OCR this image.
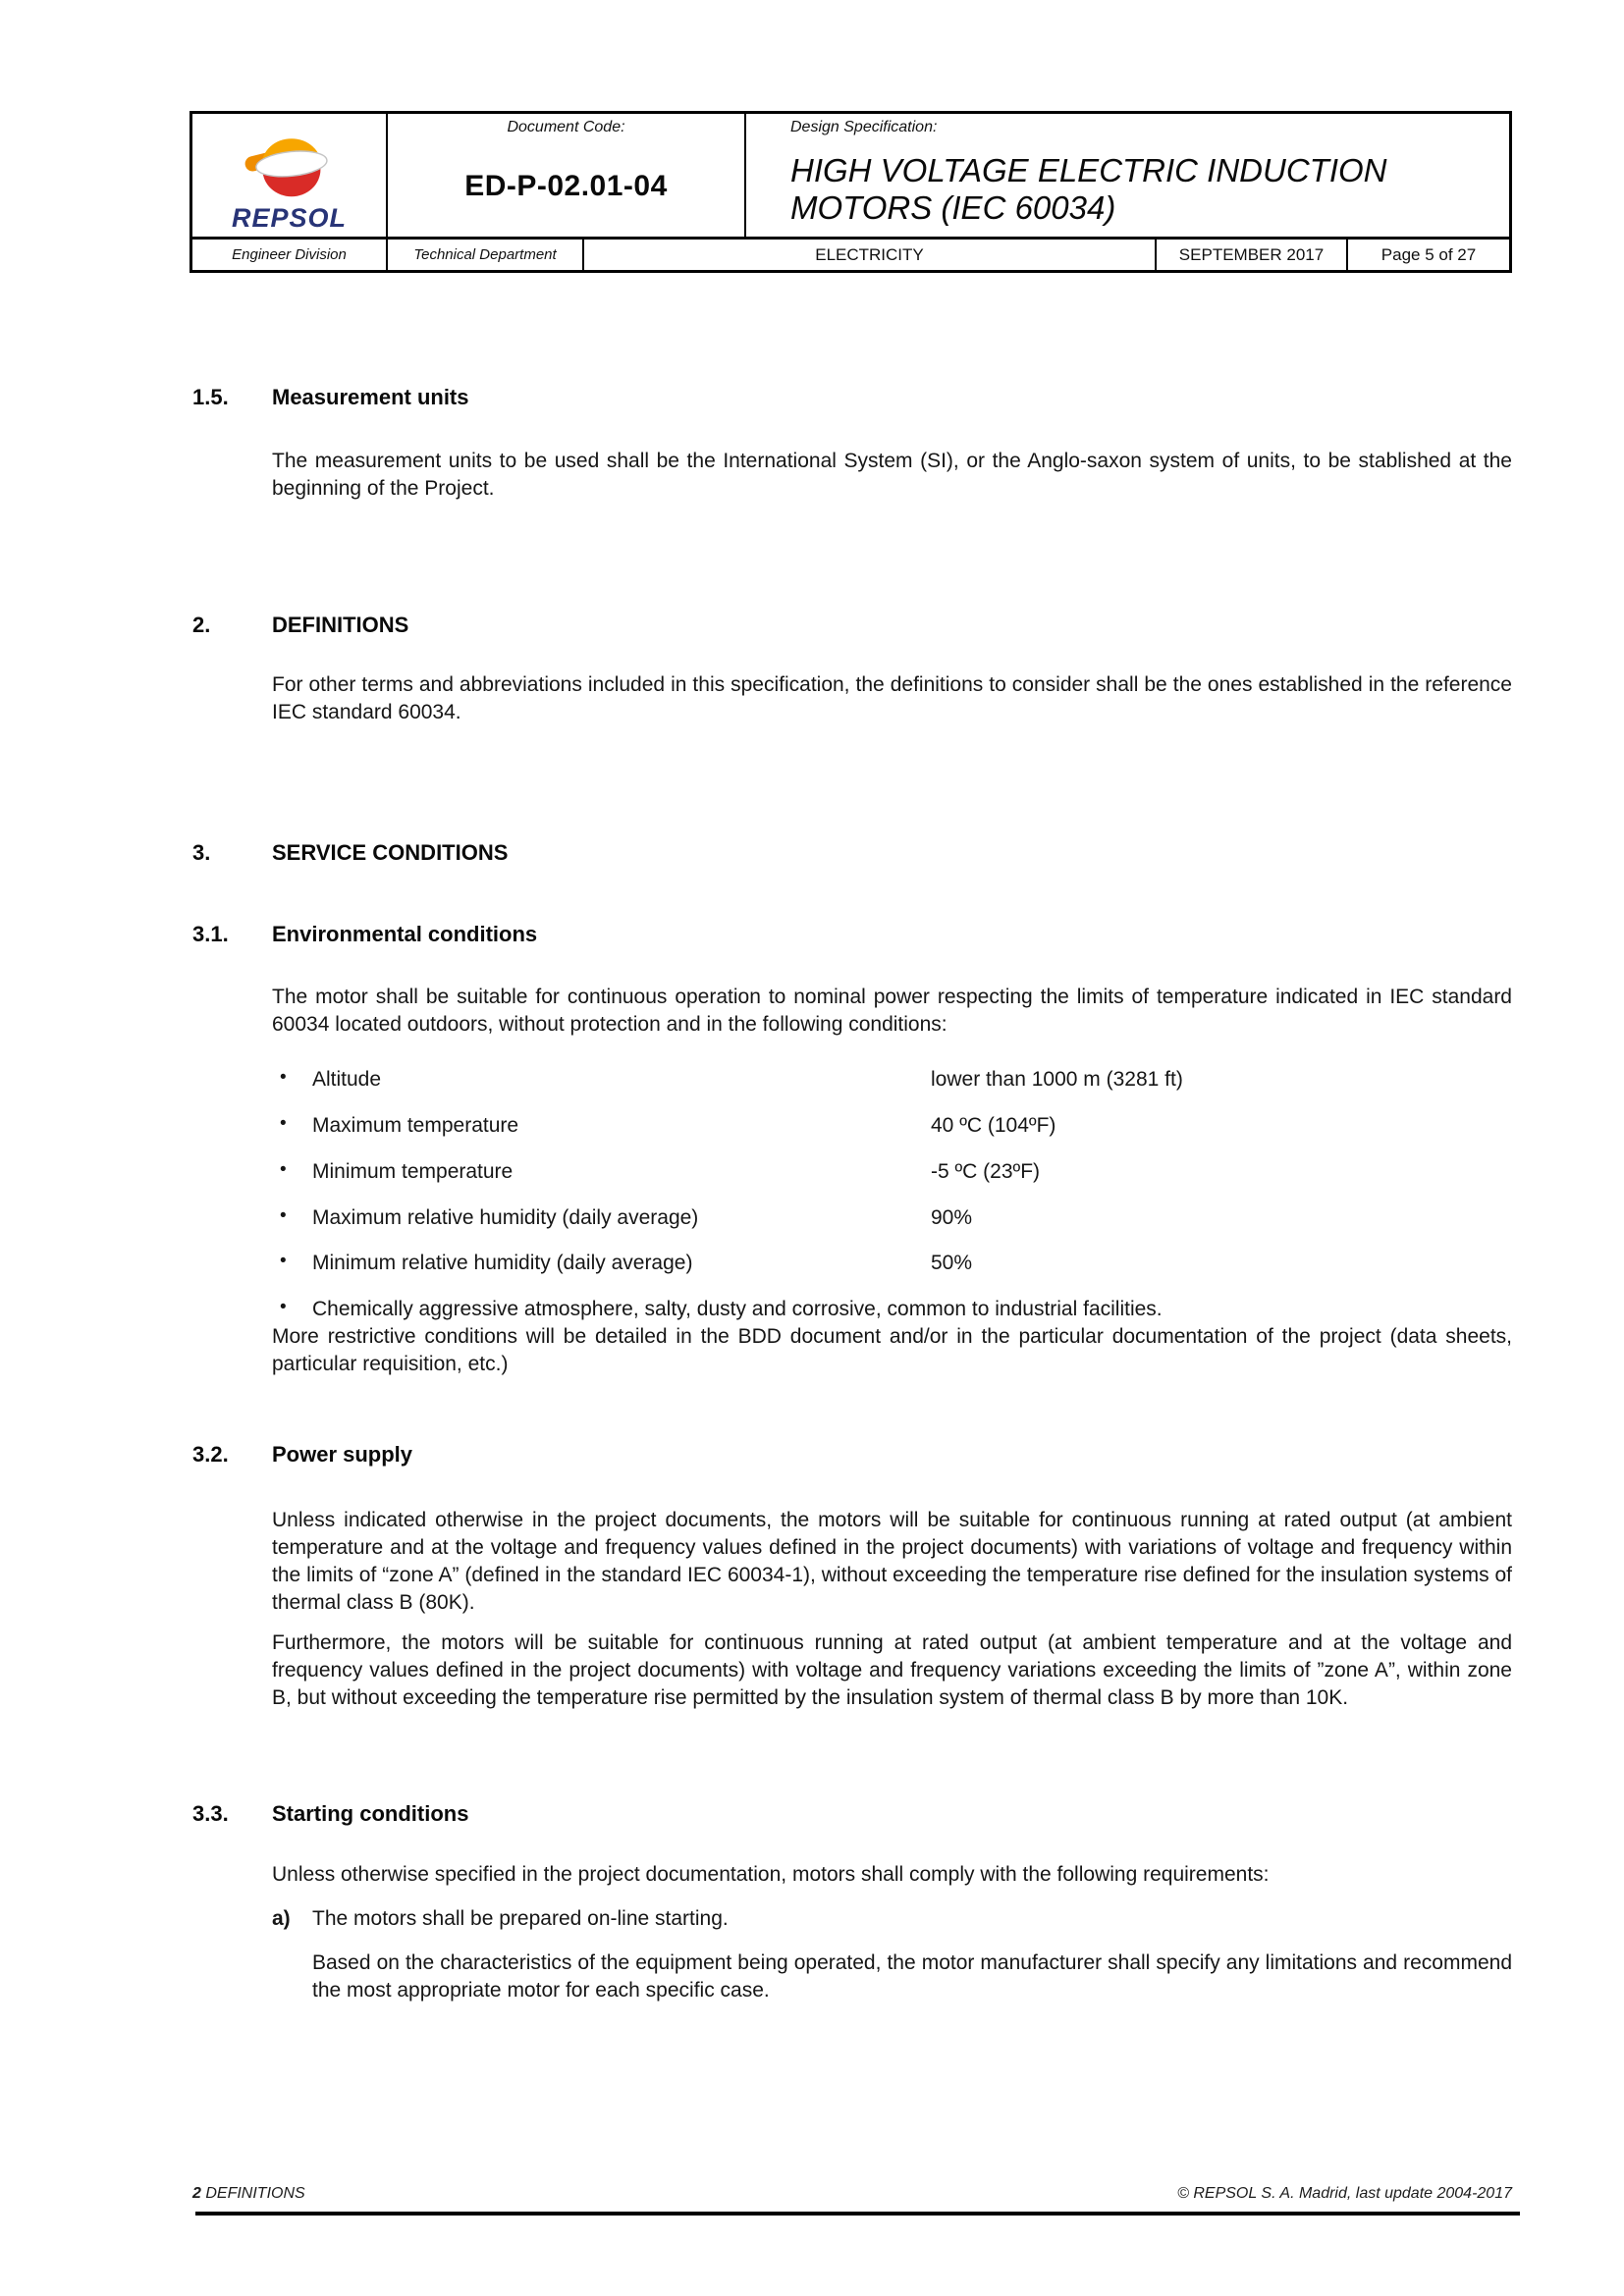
REPSOL
Document Code:
ED-P-02.01-04
Design Specification:
HIGH VOLTAGE ELECTRIC INDUCTION
MOTORS (IEC 60034)
Engineer Division	Technical Department	ELECTRICITY	SEPTEMBER 2017	Page 5 of 27
1.5. Measurement units
The measurement units to be used shall be the International System (SI), or the Anglo-saxon system of units, to be stablished at the beginning of the Project.
2.	DEFINITIONS
For other terms and abbreviations included in this specification, the definitions to consider shall be the ones established in the reference IEC standard 60034.
3.	SERVICE CONDITIONS
3.1. Environmental conditions
The motor shall be suitable for continuous operation to nominal power respecting the limits of temperature indicated in IEC standard 60034 located outdoors, without protection and in the following conditions:
• Altitude	lower than 1000 m (3281 ft)
• Maximum temperature	40 ºC (104ºF)
• Minimum temperature	-5 ºC (23ºF)
• Maximum relative humidity (daily average)	90%
• Minimum relative humidity (daily average)	50%
• Chemically aggressive atmosphere, salty, dusty and corrosive, common to industrial facilities.
More restrictive conditions will be detailed in the BDD document and/or in the particular documentation of the project (data sheets, particular requisition, etc.)
3.2. Power supply
Unless indicated otherwise in the project documents, the motors will be suitable for continuous running at rated output (at ambient temperature and at the voltage and frequency values defined in the project documents) with variations of voltage and frequency within the limits of “zone A” (defined in the standard IEC 60034-1), without exceeding the temperature rise defined for the insulation systems of thermal class B (80K).
Furthermore, the motors will be suitable for continuous running at rated output (at ambient temperature and at the voltage and frequency values defined in the project documents) with voltage and frequency variations exceeding the limits of ”zone A”, within zone B, but without exceeding the temperature rise permitted by the insulation system of thermal class B by more than 10K.
3.3. Starting conditions
Unless otherwise specified in the project documentation, motors shall comply with the following requirements:
a) The motors shall be prepared on-line starting.
Based on the characteristics of the equipment being operated, the motor manufacturer shall specify any limitations and recommend the most appropriate motor for each specific case.
2 DEFINITIONS	© REPSOL S. A. Madrid, last update 2004-2017
